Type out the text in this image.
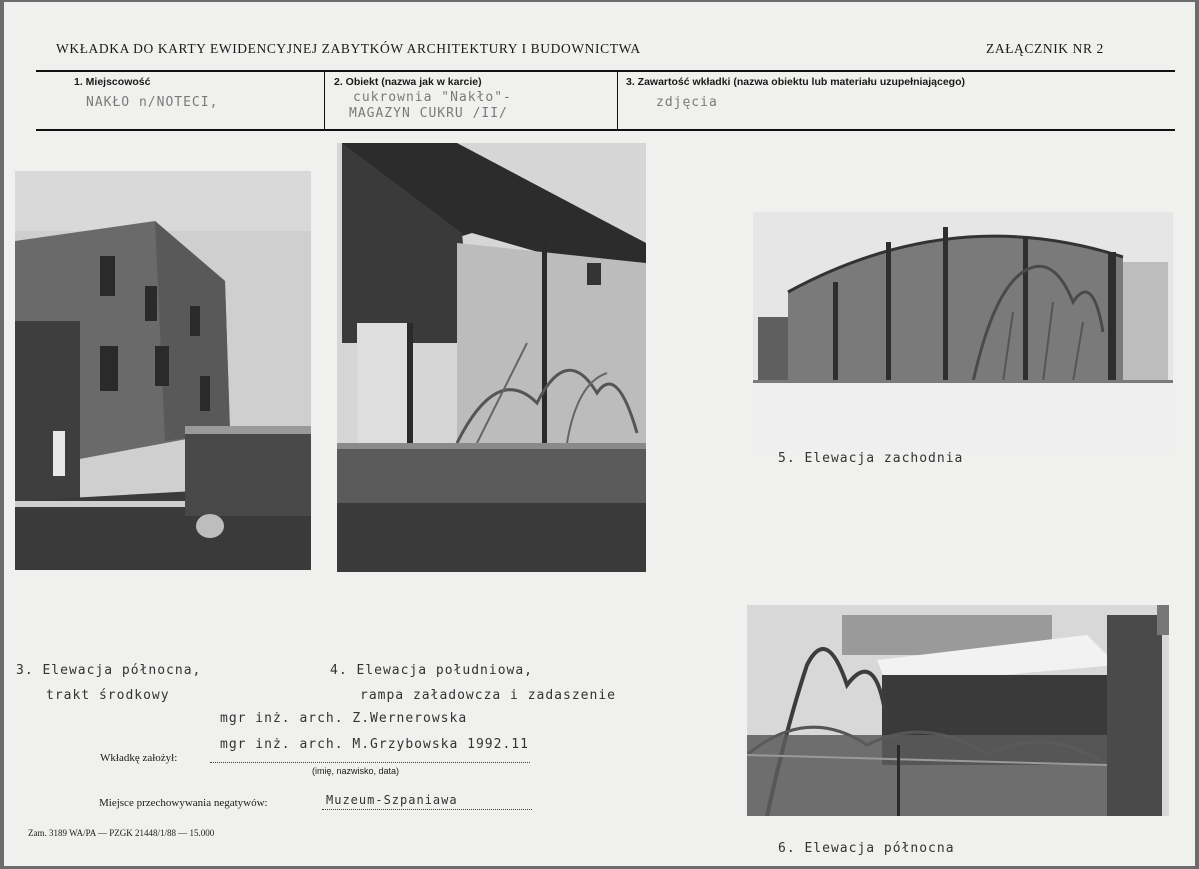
WKŁADKA DO KARTY EWIDENCYJNEJ ZABYTKÓW ARCHITEKTURY I BUDOWNICTWA	ZAŁĄCZNIK NR 2
1. Miejscowość
NAKŁO n/NOTECI,
2. Obiekt (nazwa jak w karcie)
cukrownia "Nakło"-
MAGAZYN CUKRU /II/
3. Zawartość wkładki (nazwa obiektu lub materiału uzupełniającego)
zdjęcia
5. Elewacja zachodnia
3. Elewacja północna,
trakt środkowy
4. Elewacja południowa,
rampa załadowcza i zadaszenie
mgr inż. arch. Z.Wernerowska
mgr inż. arch. M.Grzybowska 1992.11
Wkładkę założył:
(imię, nazwisko, data)
Miejsce przechowywania negatywów:	Muzeum-Szpaniawa
6. Elewacja północna
Zam. 3189 WA/PA — PZGK 21448/1/88 — 15.000
